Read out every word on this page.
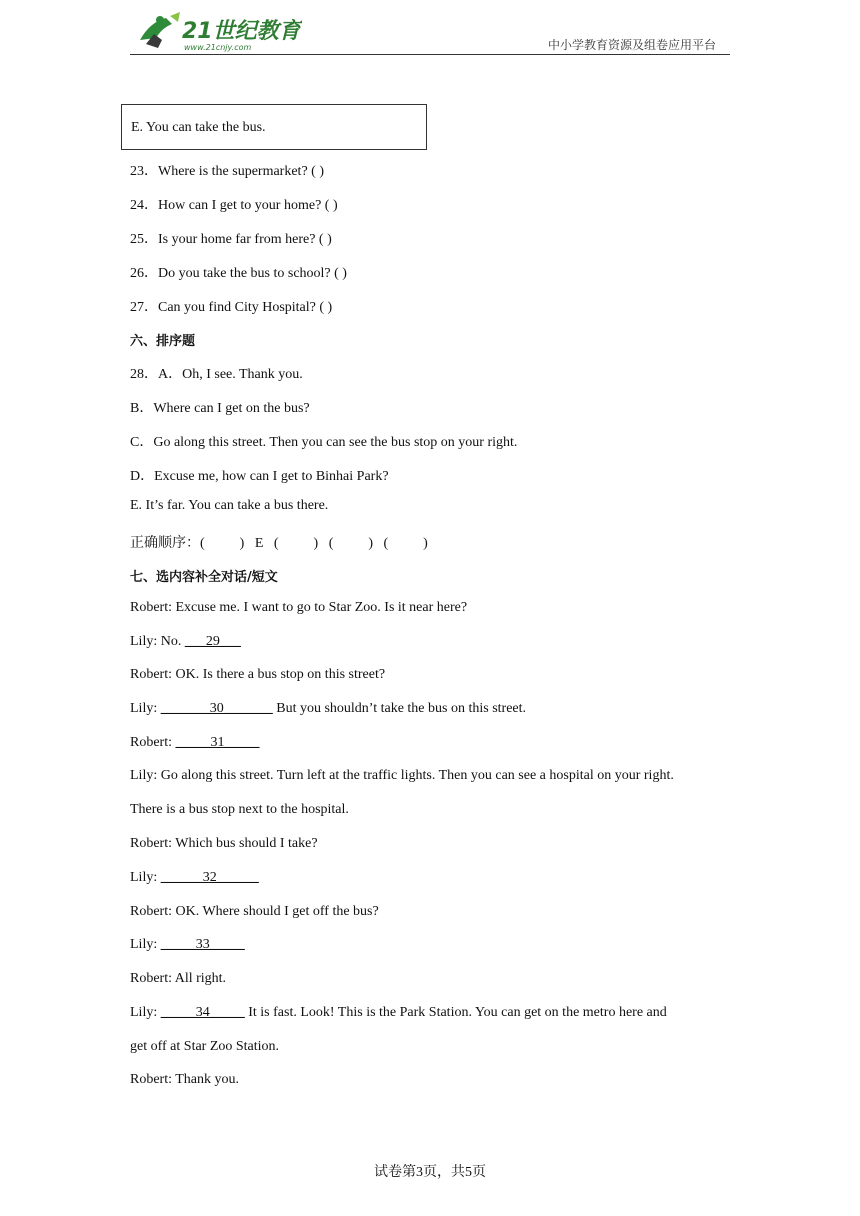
21世纪教育
www.21cnjy.com	中小学教育资源及组卷应用平台
E. You can take the bus.
23．Where is the supermarket? ( )
24．How can I get to your home? ( )
25．Is your home far from here? ( )
26．Do you take the bus to school? ( )
27．Can you find City Hospital? ( )
六、排序题
28．A．Oh, I see. Thank you.
B．Where can I get on the bus?
C．Go along this street. Then you can see the bus stop on your right.
D．Excuse me, how can I get to Binhai Park?
E. It’s far. You can take a bus there.
正确顺序：(          )   E   (          )   (          )   (          )
七、选内容补全对话/短文
Robert: Excuse me. I want to go to Star Zoo. Is it near here?
Lily: No. ___29___
Robert: OK. Is there a bus stop on this street?
Lily: _______30_______ But you shouldn’t take the bus on this street.
Robert: _____31_____
Lily: Go along this street. Turn left at the traffic lights. Then you can see a hospital on your right.
There is a bus stop next to the hospital.
Robert: Which bus should I take?
Lily: ______32______
Robert: OK. Where should I get off the bus?
Lily: _____33_____
Robert: All right.
Lily: _____34_____ It is fast. Look! This is the Park Station. You can get on the metro here and
get off at Star Zoo Station.
Robert: Thank you.
试卷第3页，共5页
